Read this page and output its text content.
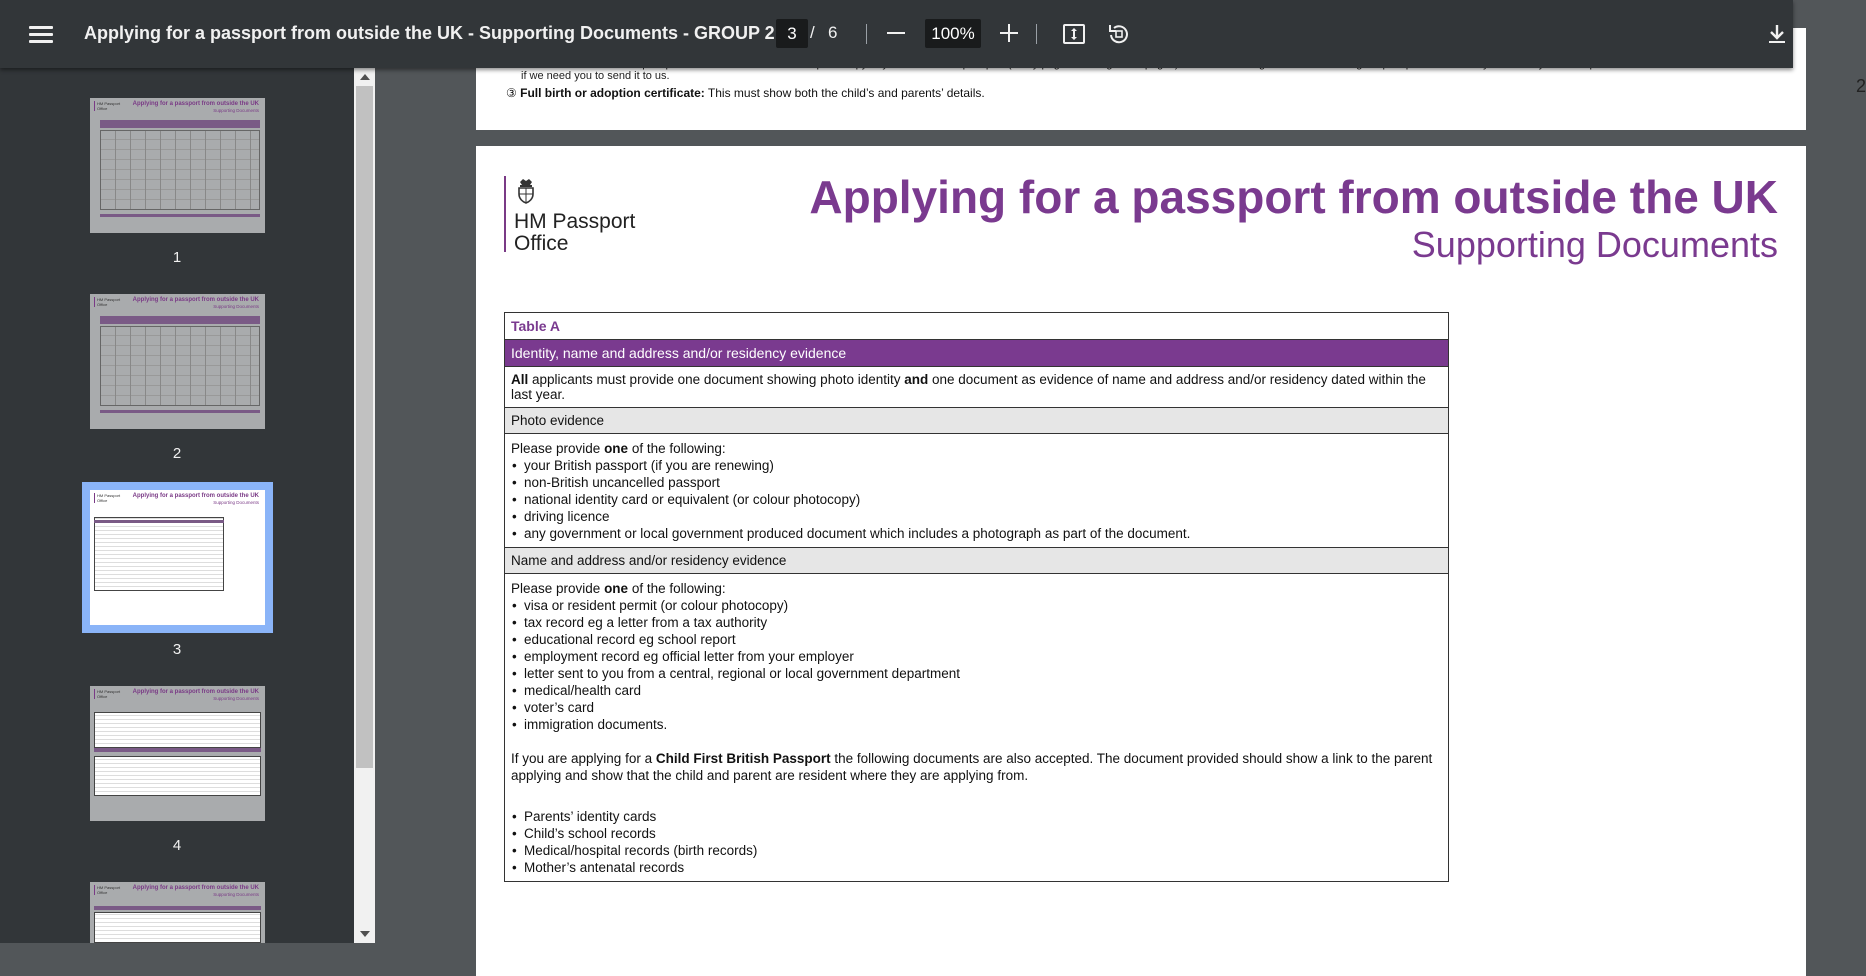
Applying for a passport from outside the UK - Supporting Documents - GROUP 2 3 / 6	100%
HM Passport
Office
Applying for a passport from outside the UK
Supporting Documents
1
HM Passport
Office
Applying for a passport from outside the UK
Supporting Documents
2
HM Passport
Office
Applying for a passport from outside the UK
Supporting Documents
3
HM Passport
Office
Applying for a passport from outside the UK
Supporting Documents
4
HM Passport
Office
Applying for a passport from outside the UK
Supporting Documents
if we need you to send it to us.
③ Full birth or adoption certificate: This must show both the child’s and parents’ details.	2
HM Passport
Office
Applying for a passport from outside the UK
Supporting Documents
Table A
Identity, name and address and/or residency evidence
All applicants must provide one document showing photo identity and one document as evidence of name and address and/or residency dated within the last year.
Photo evidence
Please provide one of the following:
• your British passport (if you are renewing)
• non-British uncancelled passport
• national identity card or equivalent (or colour photocopy)
• driving licence
• any government or local government produced document which includes a photograph as part of the document.
Name and address and/or residency evidence
Please provide one of the following:
• visa or resident permit (or colour photocopy)
• tax record eg a letter from a tax authority
• educational record eg school report
• employment record eg official letter from your employer
• letter sent to you from a central, regional or local government department
• medical/health card
• voter’s card
• immigration documents.
If you are applying for a Child First British Passport the following documents are also accepted. The document provided should show a link to the parent applying and show that the child and parent are resident where they are applying from.
• Parents’ identity cards
• Child’s school records
• Medical/hospital records (birth records)
• Mother’s antenatal records
